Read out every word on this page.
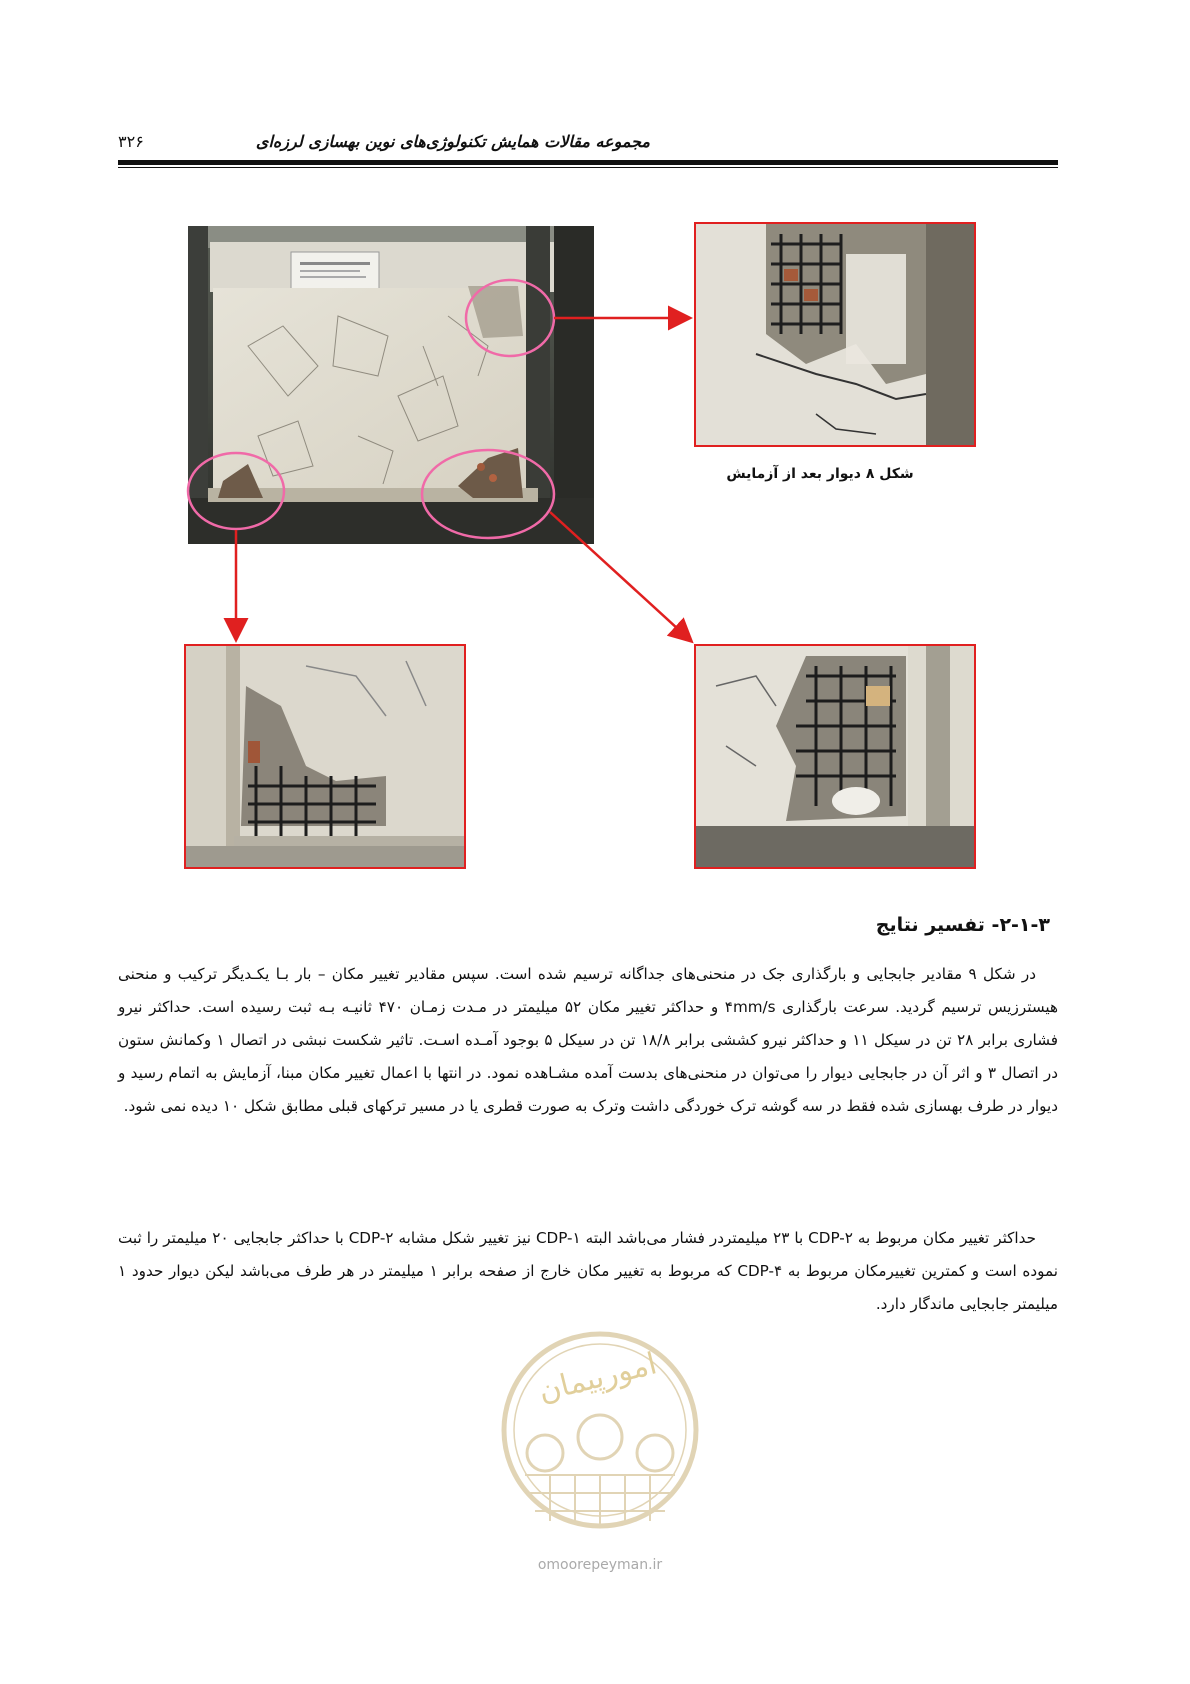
مجموعه مقالات همایش تکنولوژی‌های نوین بهسازی لرزه‌ای
۳۲۶
شکل ۸ دیوار بعد از آزمایش
۲-۱-۳- تفسیر نتایج

در شکل ۹ مقادیر جابجایی و بارگذاری جک در منحنی‌های جداگانه ترسیم شده است. سپس مقادیر تغییر مکان – بار بـا یکـدیگر ترکیب و منحنی هیسترزیس ترسیم گردید. سرعت بارگذاری ۴mm/s و حداکثر تغییر مکان ۵۲ میلیمتر در مـدت زمـان ۴۷۰ ثانیـه بـه ثبت رسیده است. حداکثر نیرو فشاری برابر ۲۸ تن در سیکل ۱۱ و حداکثر نیرو کششی برابر ۱۸/۸ تن در سیکل ۵ بوجود آمـده اسـت. تاثیر شکست نبشی در اتصال ۱ وکمانش ستون در اتصال ۳ و اثر آن در جابجایی دیوار را می‌توان در منحنی‌های بدست آمده مشـاهده نمود. در انتها با اعمال تغییر مکان مبنا، آزمایش به اتمام رسید و دیوار در طرف بهسازی شده فقط در سه گوشه ترک خوردگی داشت وترک به صورت قطری یا در مسیر ترکهای قبلی مطابق شکل ۱۰ دیده نمی شود.

حداکثر تغییر مکان مربوط به CDP-۲ با ۲۳ میلیمتردر فشار می‌باشد البته CDP-۱ نیز تغییر شکل مشابه CDP-۲ با حداکثر جابجایی ۲۰ میلیمتر را ثبت نموده است و کمترین تغییرمکان مربوط به CDP-۴ که مربوط به تغییر مکان خارج از صفحه برابر ۱ میلیمتر در هر طرف می‌باشد لیکن دیوار حدود ۱ میلیمتر جابجایی ماندگار دارد.

امورپیمان
omoorepeyman.ir
